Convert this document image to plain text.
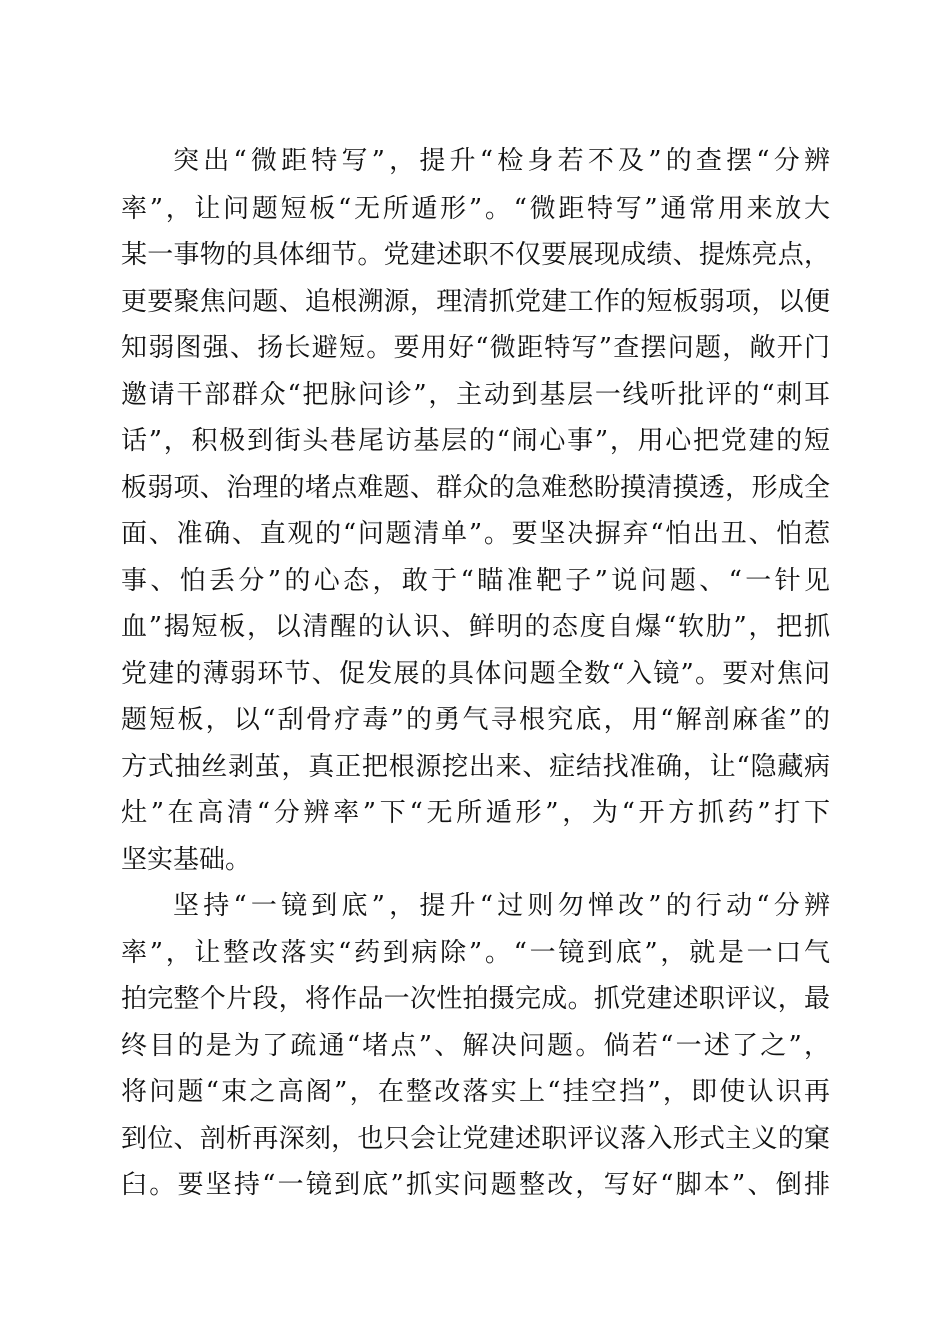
突出“微距特写”，提升“检身若不及”的查摆“分辨
率”，让问题短板“无所遁形”。“微距特写”通常用来放大
某一事物的具体细节。党建述职不仅要展现成绩、提炼亮点，
更要聚焦问题、追根溯源，理清抓党建工作的短板弱项，以便
知弱图强、扬长避短。要用好“微距特写”查摆问题，敞开门
邀请干部群众“把脉问诊”，主动到基层一线听批评的“刺耳
话”，积极到街头巷尾访基层的“闹心事”，用心把党建的短
板弱项、治理的堵点难题、群众的急难愁盼摸清摸透，形成全
面、准确、直观的“问题清单”。要坚决摒弃“怕出丑、怕惹
事、怕丢分”的心态，敢于“瞄准靶子”说问题、“一针见
血”揭短板，以清醒的认识、鲜明的态度自爆“软肋”，把抓
党建的薄弱环节、促发展的具体问题全数“入镜”。要对焦问
题短板，以“刮骨疗毒”的勇气寻根究底，用“解剖麻雀”的
方式抽丝剥茧，真正把根源挖出来、症结找准确，让“隐藏病
灶”在高清“分辨率”下“无所遁形”，为“开方抓药”打下
坚实基础。
坚持“一镜到底”，提升“过则勿惮改”的行动“分辨
率”，让整改落实“药到病除”。“一镜到底”，就是一口气
拍完整个片段，将作品一次性拍摄完成。抓党建述职评议，最
终目的是为了疏通“堵点”、解决问题。倘若“一述了之”，
将问题“束之高阁”，在整改落实上“挂空挡”，即使认识再
到位、剖析再深刻，也只会让党建述职评议落入形式主义的窠
臼。要坚持“一镜到底”抓实问题整改，写好“脚本”、倒排
